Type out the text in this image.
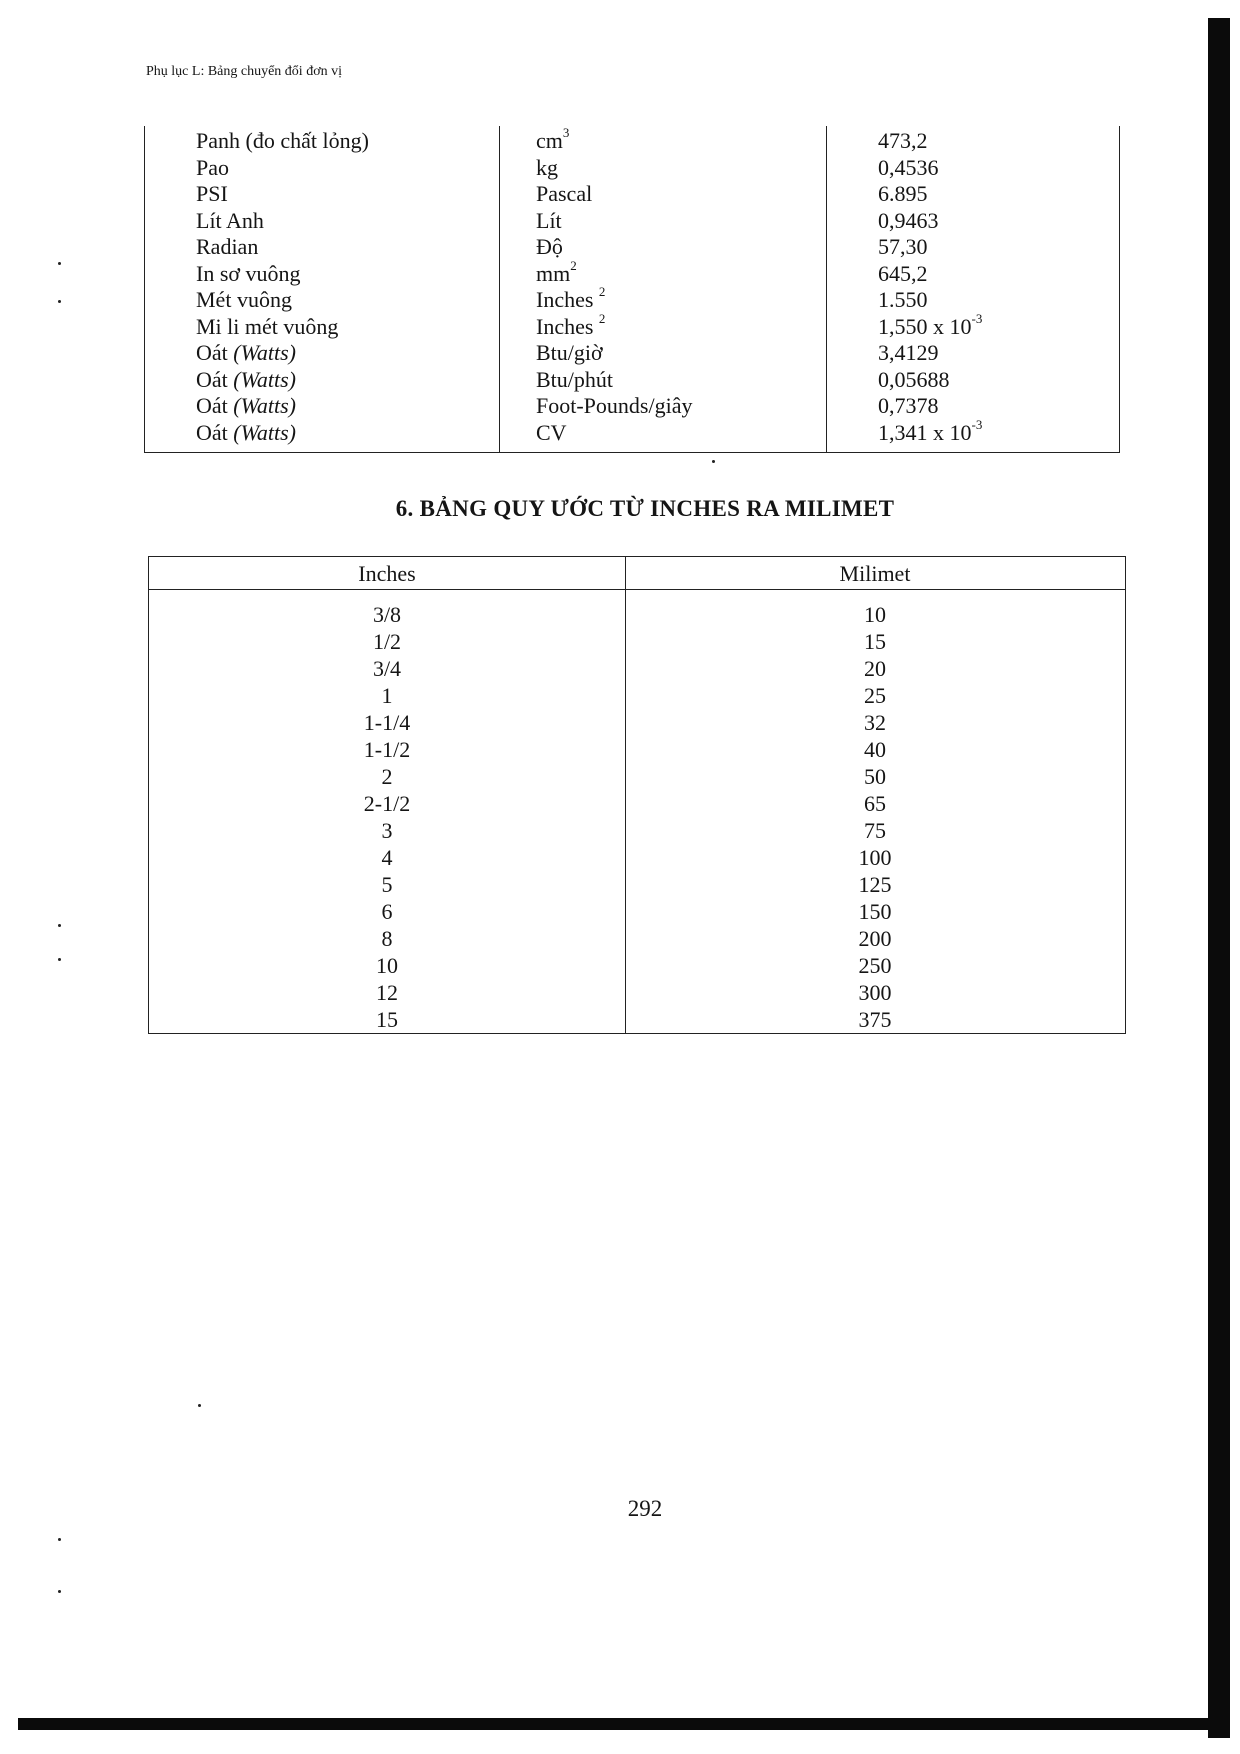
Phụ lục L: Bảng chuyển đổi đơn vị
Panh (đo chất lỏng)
Pao
PSI
Lít Anh
Radian
In sơ vuông
Mét vuông
Mi li mét vuông
Oát (Watts)
Oát (Watts)
Oát (Watts)
Oát (Watts)
$cm^3$
kg
Pascal
Lít
Độ
$mm^2$
Inches $^2$
Inches $^2$
Btu/giờ
Btu/phút
Foot-Pounds/giây
CV
473,2
0,4536
6.895
0,9463
57,30
645,2
1.550
1,550 x $10^{-3}$
3,4129
0,05688
0,7378
1,341 x $10^{-3}$
6. BẢNG QUY ƯỚC TỪ INCHES RA MILIMET
Inches	Milimet
3/8
1/2
3/4
1
1-1/4
1-1/2
2
2-1/2
3
4
5
6
8
10
12
15
10
15
20
25
32
40
50
65
75
100
125
150
200
250
300
375
292
